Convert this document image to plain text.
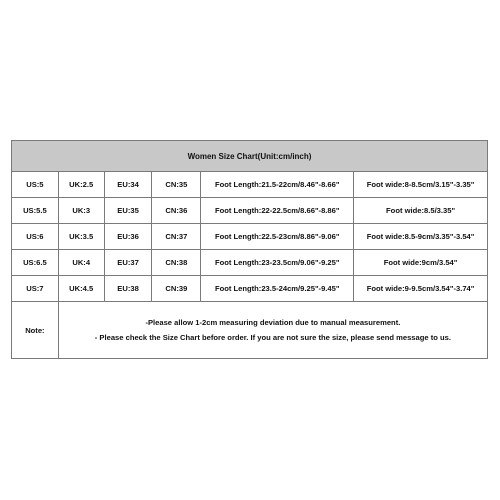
Women Size Chart(Unit:cm/inch)					
US:5	UK:2.5	EU:34	CN:35	Foot Length:21.5-22cm/8.46"-8.66"	Foot wide:8-8.5cm/3.15"-3.35"
US:5.5	UK:3	EU:35	CN:36	Foot Length:22-22.5cm/8.66"-8.86"	Foot wide:8.5/3.35"
US:6	UK:3.5	EU:36	CN:37	Foot Length:22.5-23cm/8.86"-9.06"	Foot wide:8.5-9cm/3.35"-3.54"
US:6.5	UK:4	EU:37	CN:38	Foot Length:23-23.5cm/9.06"-9.25"	Foot wide:9cm/3.54"
US:7	UK:4.5	EU:38	CN:39	Foot Length:23.5-24cm/9.25"-9.45"	Foot wide:9-9.5cm/3.54"-3.74"
Note:	-Please allow 1-2cm measuring deviation due to manual measurement.
- Please check the Size Chart before order. If you are not sure the size, please send message to us.				
